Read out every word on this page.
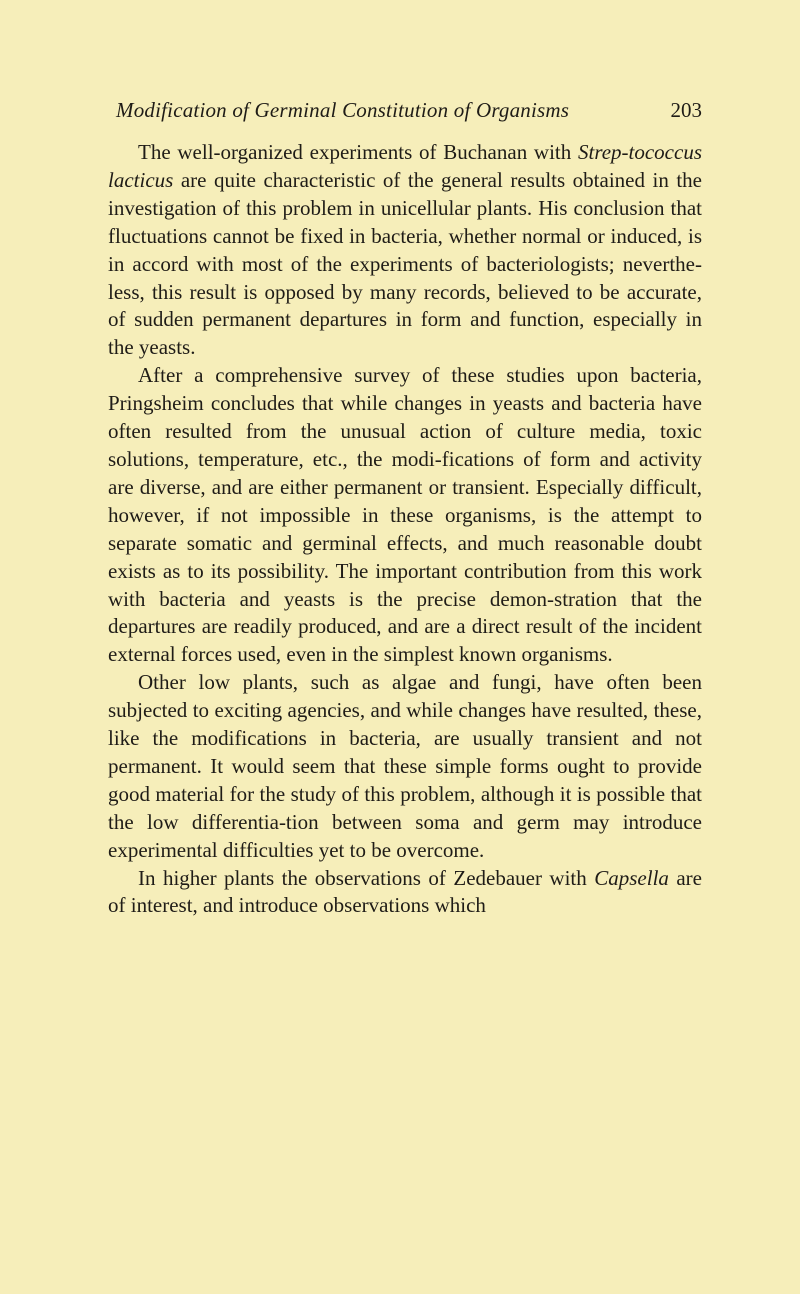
Modification of Germinal Constitution of Organisms	203

The well-organized experiments of Buchanan with Strep-tococcus lacticus are quite characteristic of the general results obtained in the investigation of this problem in unicellular plants. His conclusion that fluctuations cannot be fixed in bacteria, whether normal or induced, is in accord with most of the experiments of bacteriologists; neverthe-less, this result is opposed by many records, believed to be accurate, of sudden permanent departures in form and function, especially in the yeasts.

After a comprehensive survey of these studies upon bacteria, Pringsheim concludes that while changes in yeasts and bacteria have often resulted from the unusual action of culture media, toxic solutions, temperature, etc., the modi-fications of form and activity are diverse, and are either permanent or transient. Especially difficult, however, if not impossible in these organisms, is the attempt to separate somatic and germinal effects, and much reasonable doubt exists as to its possibility. The important contribution from this work with bacteria and yeasts is the precise demon-stration that the departures are readily produced, and are a direct result of the incident external forces used, even in the simplest known organisms.

Other low plants, such as algae and fungi, have often been subjected to exciting agencies, and while changes have resulted, these, like the modifications in bacteria, are usually transient and not permanent. It would seem that these simple forms ought to provide good material for the study of this problem, although it is possible that the low differentia-tion between soma and germ may introduce experimental difficulties yet to be overcome.

In higher plants the observations of Zedebauer with Capsella are of interest, and introduce observations which
